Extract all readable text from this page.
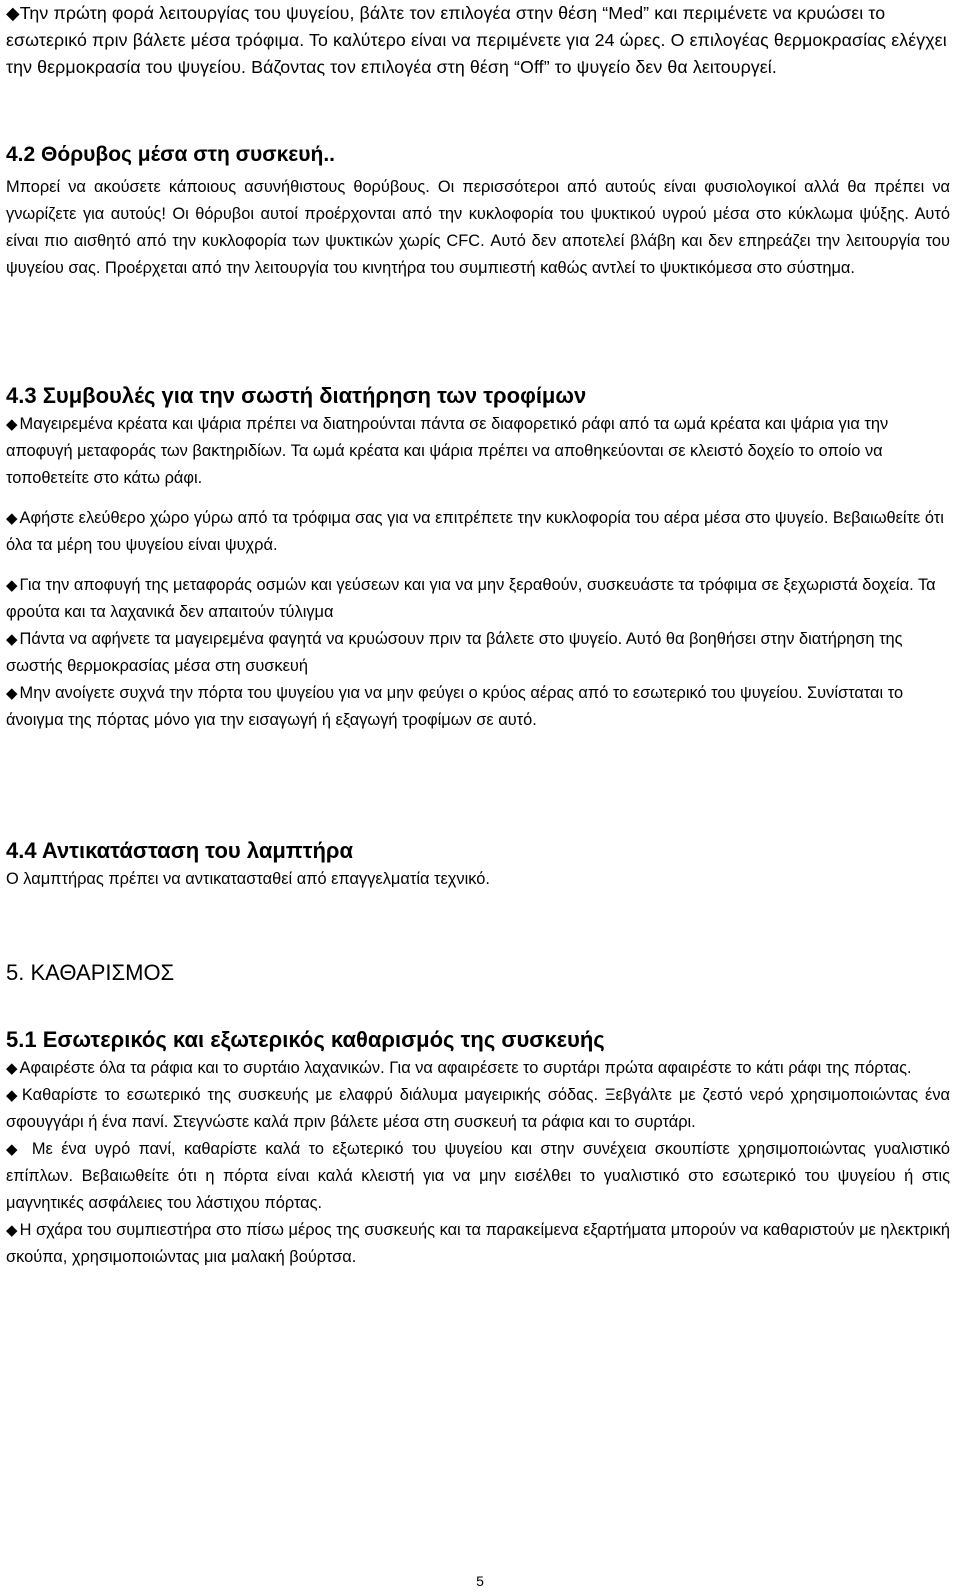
◆Την πρώτη φορά λειτουργίας του ψυγείου, βάλτε τον επιλογέα στην θέση “Med” και περιμένετε να κρυώσει το εσωτερικό πριν βάλετε μέσα τρόφιμα. Το καλύτερο είναι να περιμένετε για 24 ώρες. Ο επιλογέας θερμοκρασίας ελέγχει την θερμοκρασία του ψυγείου. Βάζοντας τον επιλογέα στη θέση “Off” το ψυγείο δεν θα λειτουργεί.

4.2 Θόρυβος μέσα στη συσκευή..

Μπορεί να ακούσετε κάποιους ασυνήθιστους θορύβους. Οι περισσότεροι από αυτούς είναι φυσιολογικοί αλλά θα πρέπει να γνωρίζετε για αυτούς! Οι θόρυβοι αυτοί προέρχονται από την κυκλοφορία του ψυκτικού υγρού μέσα στο κύκλωμα ψύξης. Αυτό είναι πιο αισθητό από την κυκλοφορία των ψυκτικών χωρίς CFC. Αυτό δεν αποτελεί βλάβη και δεν επηρεάζει την λειτουργία του ψυγείου σας. Προέρχεται από την λειτουργία του κινητήρα του συμπιεστή καθώς αντλεί το ψυκτικόμεσα στο σύστημα.

4.3 Συμβουλές για την σωστή διατήρηση των τροφίμων

◆ Μαγειρεμένα κρέατα και ψάρια πρέπει να διατηρούνται πάντα σε διαφορετικό ράφι από τα ωμά κρέατα και ψάρια για την αποφυγή μεταφοράς των βακτηριδίων. Τα ωμά κρέατα και ψάρια πρέπει να αποθηκεύονται σε κλειστό δοχείο το οποίο να τοποθετείτε στο κάτω ράφι.

◆ Αφήστε ελεύθερο χώρο γύρω από τα τρόφιμα σας για να επιτρέπετε την κυκλοφορία του αέρα μέσα στο ψυγείο. Βεβαιωθείτε ότι όλα τα μέρη του ψυγείου είναι ψυχρά.

◆ Για την αποφυγή της μεταφοράς οσμών και γεύσεων και για να μην ξεραθούν, συσκευάστε τα τρόφιμα σε ξεχωριστά δοχεία. Τα φρούτα και τα λαχανικά δεν απαιτούν τύλιγμα

◆ Πάντα να αφήνετε τα μαγειρεμένα φαγητά να κρυώσουν πριν τα βάλετε στο ψυγείο. Αυτό θα βοηθήσει στην διατήρηση της σωστής θερμοκρασίας μέσα στη συσκευή

◆ Μην ανοίγετε συχνά την πόρτα του ψυγείου για να μην φεύγει ο κρύος αέρας από το εσωτερικό του ψυγείου. Συνίσταται το άνοιγμα της πόρτας μόνο για την εισαγωγή ή εξαγωγή τροφίμων σε αυτό.

4.4 Αντικατάσταση του λαμπτήρα

Ο λαμπτήρας πρέπει να αντικατασταθεί από επαγγελματία τεχνικό.

5. ΚΑΘΑΡΙΣΜΟΣ
5.1 Εσωτερικός και εξωτερικός καθαρισμός της συσκευής

◆ Αφαιρέστε όλα τα ράφια και το συρτάιο λαχανικών. Για να αφαιρέσετε το συρτάρι πρώτα αφαιρέστε το κάτι ράφι της πόρτας.

◆ Καθαρίστε το εσωτερικό της συσκευής με ελαφρύ διάλυμα μαγειρικής σόδας. Ξεβγάλτε με ζεστό νερό χρησιμοποιώντας ένα σφουγγάρι ή ένα πανί. Στεγνώστε καλά πριν βάλετε μέσα στη συσκευή τα ράφια και το συρτάρι.

◆ Με ένα υγρό πανί, καθαρίστε καλά το εξωτερικό του ψυγείου και στην συνέχεια σκουπίστε χρησιμοποιώντας γυαλιστικό επίπλων. Βεβαιωθείτε ότι η πόρτα είναι καλά κλειστή για να μην εισέλθει το γυαλιστικό στο εσωτερικό του ψυγείου ή στις μαγνητικές ασφάλειες του λάστιχου πόρτας.

◆ Η σχάρα του συμπιεστήρα στο πίσω μέρος της συσκευής και τα παρακείμενα εξαρτήματα μπορούν να καθαριστούν με ηλεκτρική σκούπα, χρησιμοποιώντας μια μαλακή βούρτσα.

5
